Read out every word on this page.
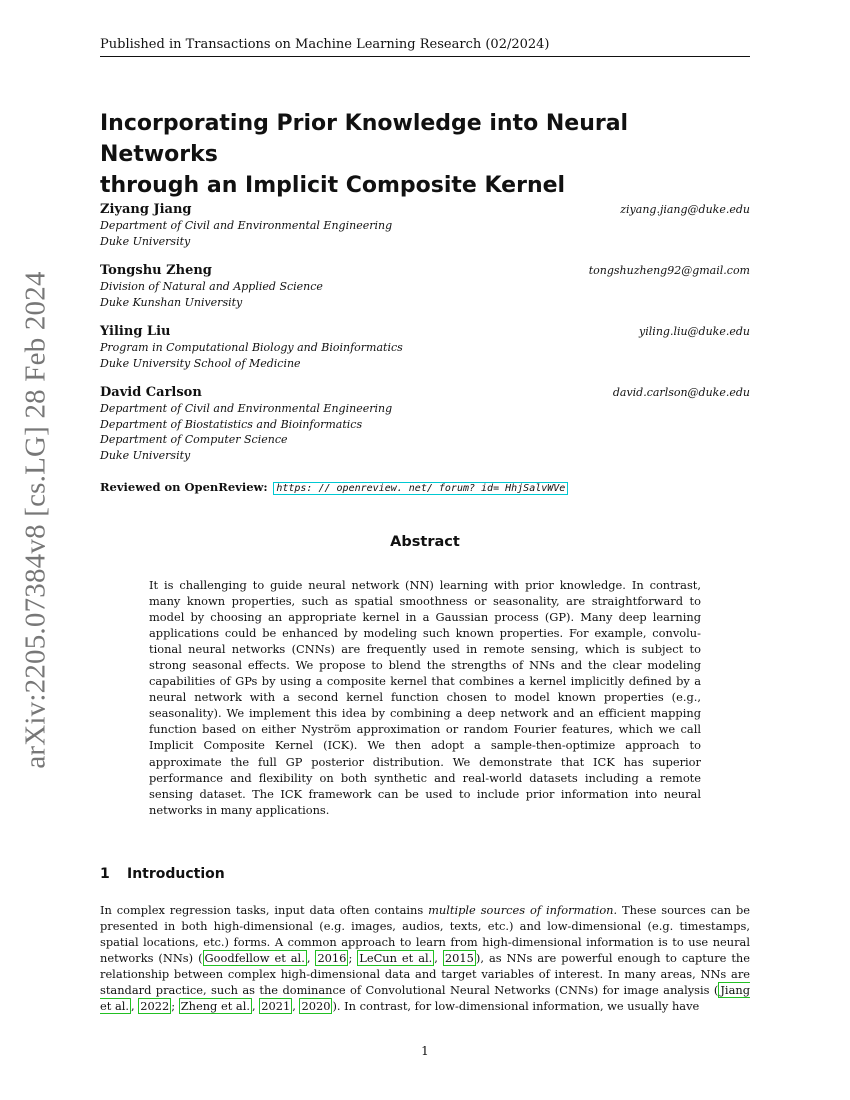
Published in Transactions on Machine Learning Research (02/2024)
arXiv:2205.07384v8 [cs.LG] 28 Feb 2024
Incorporating Prior Knowledge into Neural Networks
through an Implicit Composite Kernel
Ziyang Jiang	ziyang.jiang@duke.edu
Department of Civil and Environmental Engineering
Duke University
Tongshu Zheng	tongshuzheng92@gmail.com
Division of Natural and Applied Science
Duke Kunshan University
Yiling Liu	yiling.liu@duke.edu
Program in Computational Biology and Bioinformatics
Duke University School of Medicine
David Carlson	david.carlson@duke.edu
Department of Civil and Environmental Engineering
Department of Biostatistics and Bioinformatics
Department of Computer Science
Duke University
Reviewed on OpenReview: https: // openreview. net/ forum? id= HhjSalvWVe
Abstract

It is challenging to guide neural network (NN) learning with prior knowledge. In contrast, many known properties, such as spatial smoothness or seasonality, are straightforward to model by choosing an appropriate kernel in a Gaussian process (GP). Many deep learning applications could be enhanced by modeling such known properties. For example, convolutional neural networks (CNNs) are frequently used in remote sensing, which is subject to strong seasonal effects. We propose to blend the strengths of NNs and the clear modeling capabilities of GPs by using a composite kernel that combines a kernel implicitly defined by a neural network with a second kernel function chosen to model known properties (e.g., seasonality). We implement this idea by combining a deep network and an efficient mapping function based on either Nyström approximation or random Fourier features, which we call Implicit Composite Kernel (ICK). We then adopt a sample-then-optimize approach to approximate the full GP posterior distribution. We demonstrate that ICK has superior performance and flexibility on both synthetic and real-world datasets including a remote sensing dataset. The ICK framework can be used to include prior information into neural networks in many applications.

1 Introduction

In complex regression tasks, input data often contains multiple sources of information. These sources can be presented in both high-dimensional (e.g. images, audios, texts, etc.) and low-dimensional (e.g. timestamps, spatial locations, etc.) forms. A common approach to learn from high-dimensional information is to use neural networks (NNs) ( Goodfellow et al. , 2016 ; LeCun et al. , 2015 ), as NNs are powerful enough to capture the relationship between complex high-dimensional data and target variables of interest. In many areas, NNs are standard practice, such as the dominance of Convolutional Neural Networks (CNNs) for image analysis ( Jiang et al. , 2022 ; Zheng et al. , 2021 , 2020 ). In contrast, for low-dimensional information, we usually have

1
